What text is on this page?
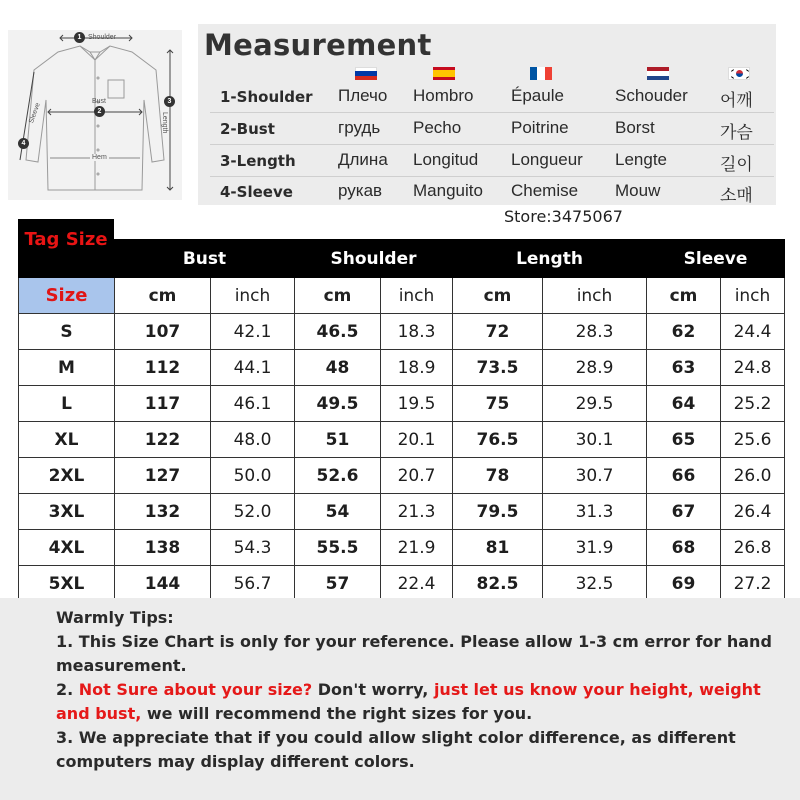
1 Shoulder
Bust
2
3
Length
Sleeve
4
Hem
Measurement
1-Shoulder Плечо Hombro Épaule	Schouder 어깨
2-Bust	грудь Pecho	Poitrine	Borst	가슴
3-Length Длина Longitud Longueur Lengte	길이
4-Sleeve	рукав Manguito Chemise Mouw	소매
Store:3475067
	Bust		Shoulder		Length		Sleeve	
Size	cm	inch	cm	inch	cm	inch	cm	inch
S	107	42.1	46.5	18.3	72	28.3	62	24.4
M	112	44.1	48	18.9	73.5	28.9	63	24.8
L	117	46.1	49.5	19.5	75	29.5	64	25.2
XL	122	48.0	51	20.1	76.5	30.1	65	25.6
2XL	127	50.0	52.6	20.7	78	30.7	66	26.0
3XL	132	52.0	54	21.3	79.5	31.3	67	26.4
4XL	138	54.3	55.5	21.9	81	31.9	68	26.8
5XL	144	56.7	57	22.4	82.5	32.5	69	27.2
Tag Size

Warmly Tips:

1. This Size Chart is only for your reference. Please allow 1-3 cm error for hand measurement.

2. Not Sure about your size? Don't worry, just let us know your height, weight and bust, we will recommend the right sizes for you.

3. We appreciate that if you could allow slight color difference, as different computers may display different colors.
